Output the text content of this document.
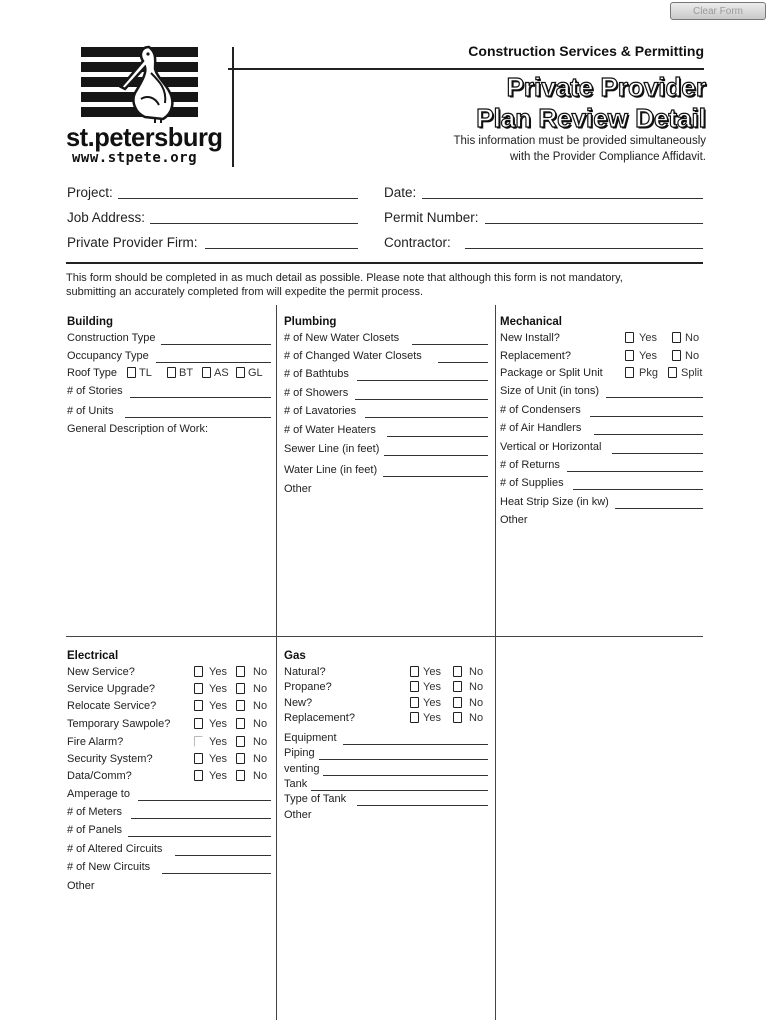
Clear Form
st.petersburg
www.stpete.org
Construction Services & Permitting
Private Provider
Plan Review Detail
This information must be provided simultaneously
with the Provider Compliance Affidavit.
Project:	Date:
Job Address:	Permit Number:
Private Provider Firm:	Contractor:
This form should be completed in as much detail as possible. Please note that although this form is not mandatory,
submitting an accurately completed from will expedite the permit process.
Building
Construction Type
Occupancy Type
Roof Type TL BT AS GL
# of Stories
# of Units
General Description of Work:
Plumbing
# of New Water Closets
# of Changed Water Closets
# of Bathtubs
# of Showers
# of Lavatories
# of Water Heaters
Sewer Line (in feet)
Water Line (in feet)
Other
Mechanical
New Install?	Yes	No
Replacement?	Yes	No
Package or Split Unit	Pkg Split
Size of Unit (in tons)
# of Condensers
# of Air Handlers
Vertical or Horizontal
# of Returns
# of Supplies
Heat Strip Size (in kw)
Other
Electrical
New Service?	Yes No
Service Upgrade?	Yes No
Relocate Service?	Yes No
Temporary Sawpole?	Yes No
Fire Alarm?	Yes No
Security System?	Yes No
Data/Comm?	Yes No
Amperage to
# of Meters
# of Panels
# of Altered Circuits
# of New Circuits
Other
Gas
Natural?	Yes	No
Propane?	Yes	No
New?	Yes	No
Replacement?	Yes	No
Equipment
Piping
venting
Tank
Type of Tank
Other
